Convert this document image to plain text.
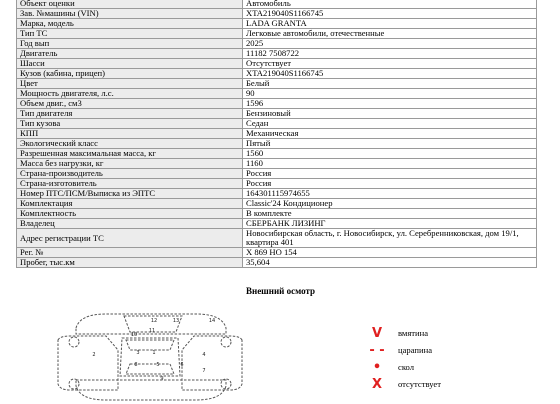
Объект оценки	Автомобиль
Зав. №машины (VIN)	XTA219040S1166745
Марка, модель	LADA GRANTA
Тип ТС	Легковые автомобили, отечественные
Год вып	2025
Двигатель	11182 7508722
Шасси	Отсутствует
Кузов (кабина, прицеп)	XTA219040S1166745
Цвет	Белый
Мощность двигателя, л.с.	90
Объем двиг., см3	1596
Тип двигателя	Бензиновый
Тип кузова	Седан
КПП	Механическая
Экологический класс	Пятый
Разрешенная максимальная масса, кг	1560
Масса без нагрузки, кг	1160
Страна-производитель	Россия
Страна-изготовитель	Россия
Номер ПТС/ПСМ/Выписка из ЭПТС	164301115974655
Комплектация	Classic'24 Кондиционер
Комплектность	В комплекте
Владелец	СБЕРБАНК ЛИЗИНГ
Адрес регистрации ТС	Новосибирская область, г. Новосибирск, ул. Серебренниковская, дом 19/1, квартира 401
Рег. №	X 869 НО 154
Пробег, тыс.км	35,604
Внешний осмотр
12	13	14
11
10
4
2	3	1
8	5	6
7
9
V	вмятина
- - царапина
•	скол
X	отсутствует
